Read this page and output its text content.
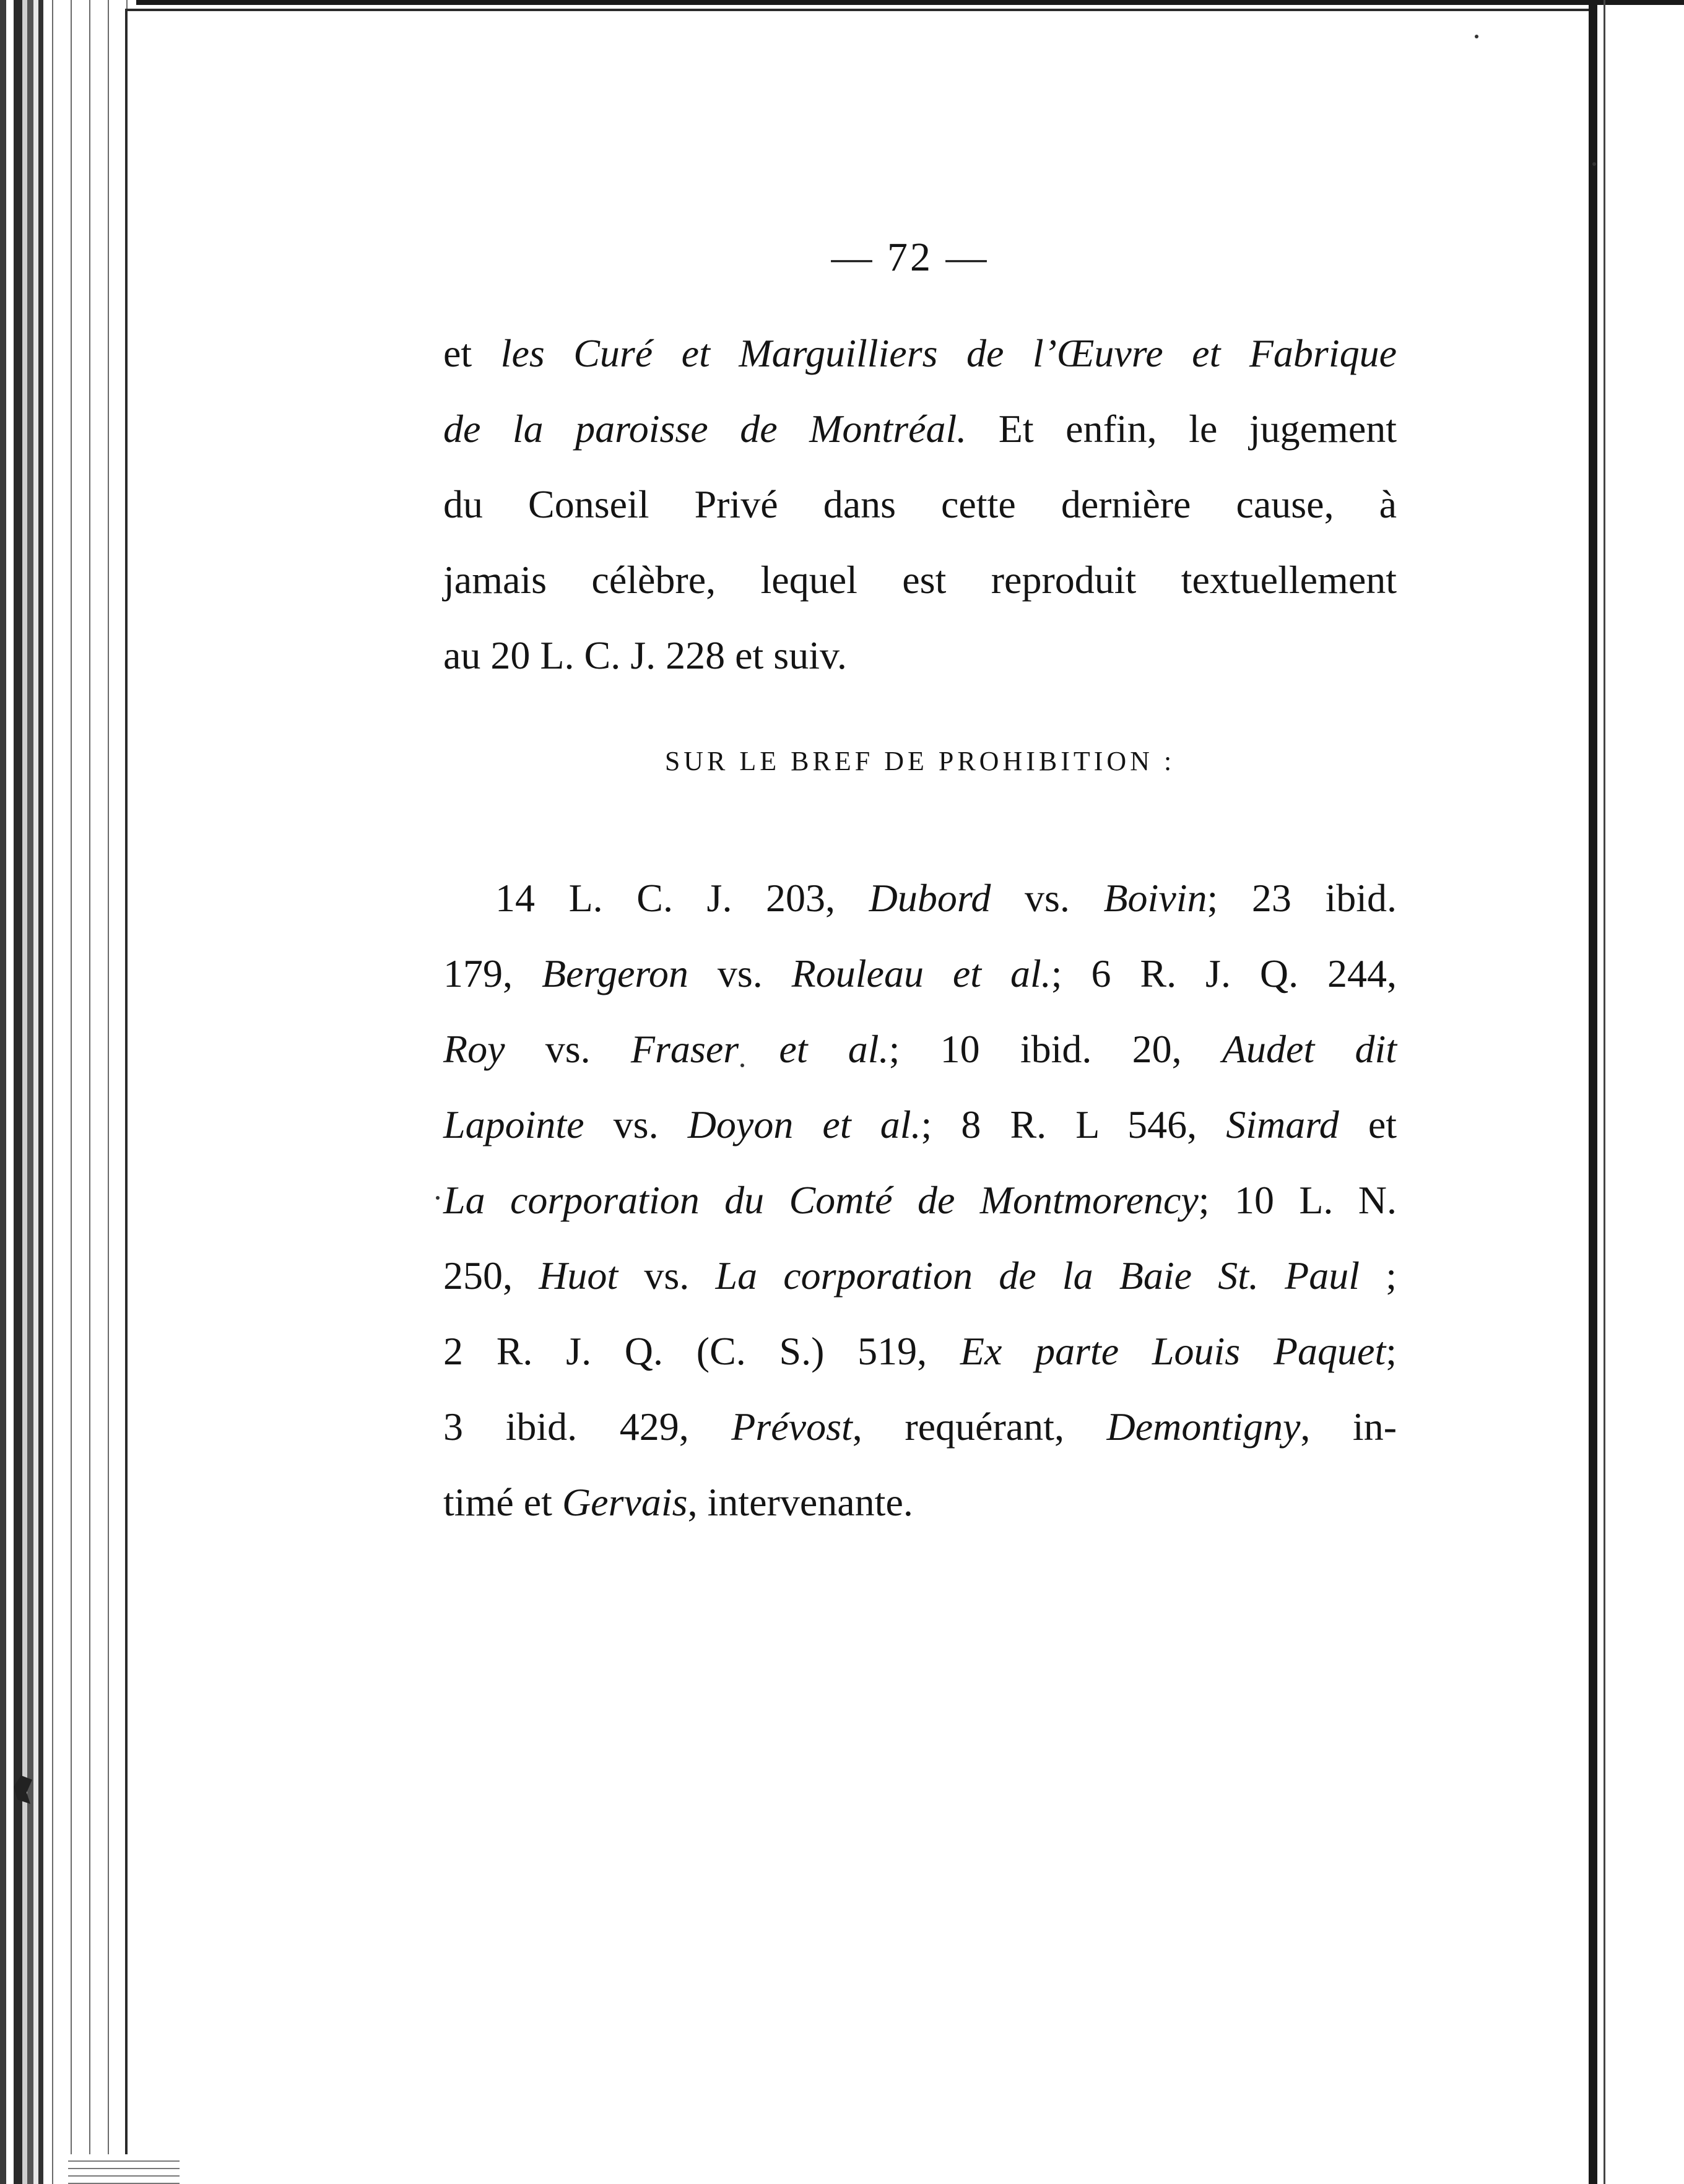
— 72 —
et les Curé et Marguilliers de l’Œuvre et Fabrique
de la paroisse de Montréal. Et enfin, le jugement
du Conseil Privé dans cette dernière cause, à
jamais célèbre, lequel est reproduit textuellement
au 20 L. C. J. 228 et suiv.
SUR LE BREF DE PROHIBITION :
14 L. C. J. 203, Dubord vs. Boivin; 23 ibid.
179, Bergeron vs. Rouleau et al.; 6 R. J. Q. 244,
Roy vs. Fraser et al.; 10 ibid. 20, Audet dit
Lapointe vs. Doyon et al.; 8 R. L 546, Simard et
La corporation du Comté de Montmorency; 10 L. N.
250, Huot vs. La corporation de la Baie St. Paul ;
2 R. J. Q. (C. S.) 519, Ex parte Louis Paquet;
3 ibid. 429, Prévost, requérant, Demontigny, in-
timé et Gervais, intervenante.
